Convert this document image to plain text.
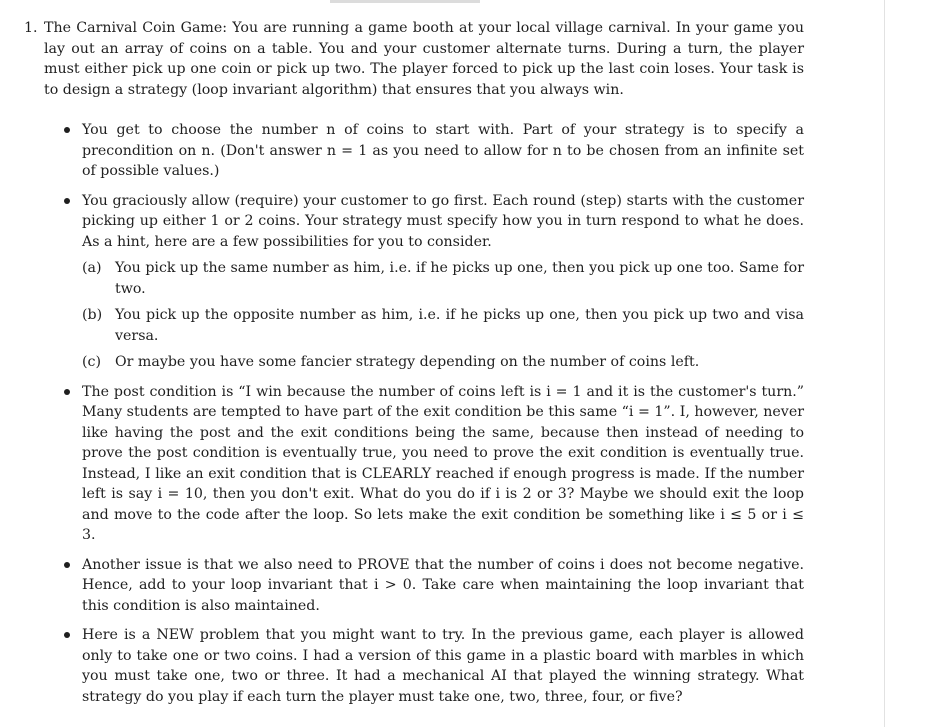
1. The Carnival Coin Game: You are running a game booth at your local village carnival. In your game you lay out an array of coins on a table. You and your customer alternate turns. During a turn, the player must either pick up one coin or pick up two. The player forced to pick up the last coin loses. Your task is to design a strategy (loop invariant algorithm) that ensures that you always win.
You get to choose the number n of coins to start with. Part of your strategy is to specify a precondition on n. (Don't answer n = 1 as you need to allow for n to be chosen from an infinite set of possible values.)
You graciously allow (require) your customer to go first. Each round (step) starts with the customer picking up either 1 or 2 coins. Your strategy must specify how you in turn respond to what he does. As a hint, here are a few possibilities for you to consider.
(a) You pick up the same number as him, i.e. if he picks up one, then you pick up one too. Same for two.
(b) You pick up the opposite number as him, i.e. if he picks up one, then you pick up two and visa versa.
(c) Or maybe you have some fancier strategy depending on the number of coins left.
The post condition is “I win because the number of coins left is i = 1 and it is the customer's turn.” Many students are tempted to have part of the exit condition be this same “i = 1”. I, however, never like having the post and the exit conditions being the same, because then instead of needing to prove the post condition is eventually true, you need to prove the exit condition is eventually true. Instead, I like an exit condition that is CLEARLY reached if enough progress is made. If the number left is say i = 10, then you don't exit. What do you do if i is 2 or 3? Maybe we should exit the loop and move to the code after the loop. So lets make the exit condition be something like i ≤ 5 or i ≤ 3.
Another issue is that we also need to PROVE that the number of coins i does not become negative. Hence, add to your loop invariant that i > 0. Take care when maintaining the loop invariant that this condition is also maintained.
Here is a NEW problem that you might want to try. In the previous game, each player is allowed only to take one or two coins. I had a version of this game in a plastic board with marbles in which you must take one, two or three. It had a mechanical AI that played the winning strategy. What strategy do you play if each turn the player must take one, two, three, four, or five?
